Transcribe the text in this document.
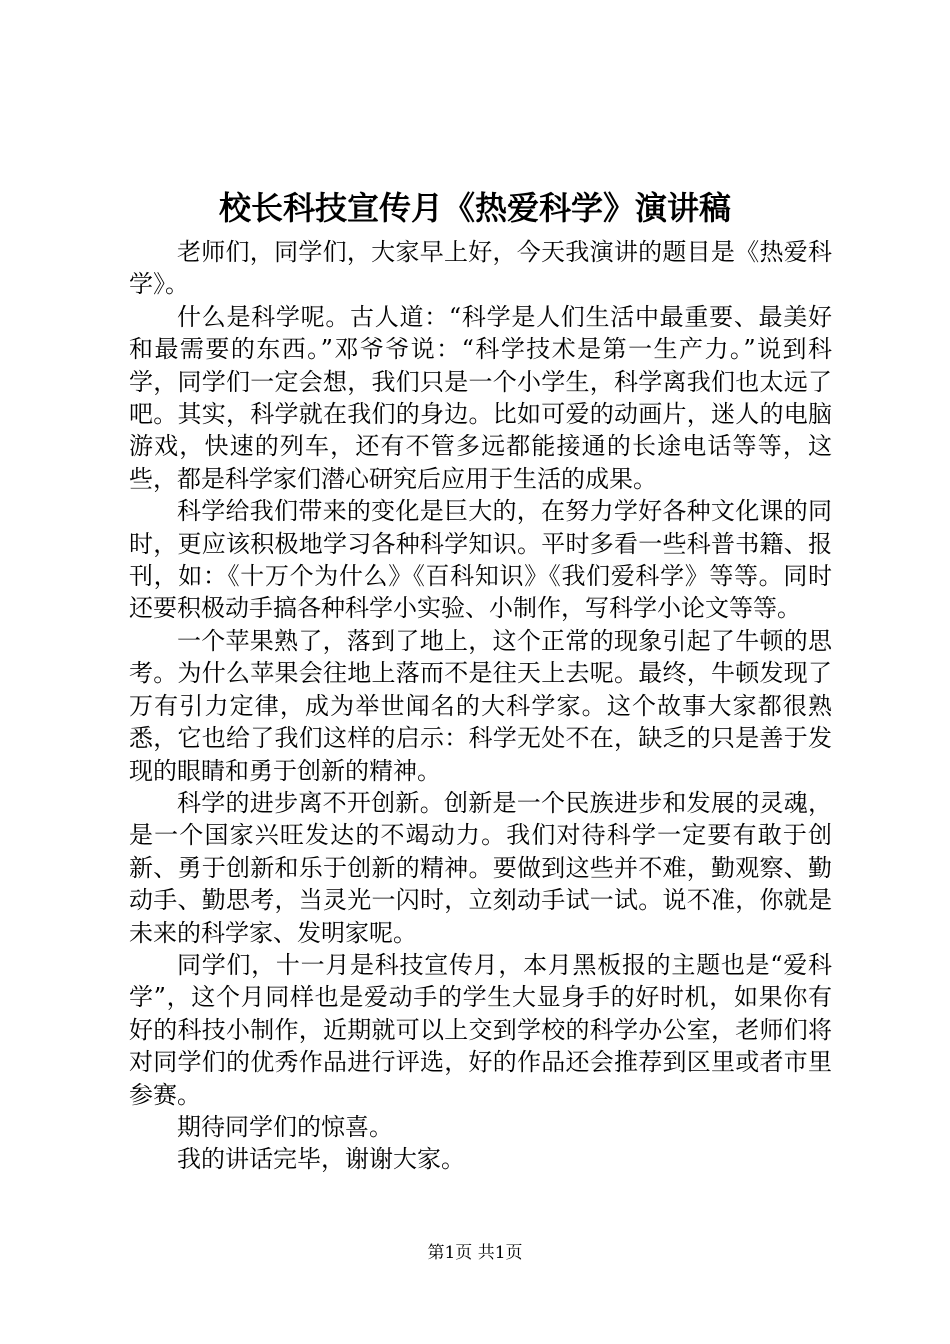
校长科技宣传月《热爱科学》演讲稿

老师们，同学们，大家早上好，今天我演讲的题目是《热爱科学》。

什么是科学呢。古人道：“科学是人们生活中最重要、最美好和最需要的东西。”邓爷爷说：“科学技术是第一生产力。”说到科学，同学们一定会想，我们只是一个小学生，科学离我们也太远了吧。其实，科学就在我们的身边。比如可爱的动画片，迷人的电脑游戏，快速的列车，还有不管多远都能接通的长途电话等等，这些，都是科学家们潜心研究后应用于生活的成果。

科学给我们带来的变化是巨大的，在努力学好各种文化课的同时，更应该积极地学习各种科学知识。平时多看一些科普书籍、报刊，如：《十万个为什么》《百科知识》《我们爱科学》等等。同时还要积极动手搞各种科学小实验、小制作，写科学小论文等等。

一个苹果熟了，落到了地上，这个正常的现象引起了牛顿的思考。为什么苹果会往地上落而不是往天上去呢。最终，牛顿发现了万有引力定律，成为举世闻名的大科学家。这个故事大家都很熟悉，它也给了我们这样的启示：科学无处不在，缺乏的只是善于发现的眼睛和勇于创新的精神。

科学的进步离不开创新。创新是一个民族进步和发展的灵魂，是一个国家兴旺发达的不竭动力。我们对待科学一定要有敢于创新、勇于创新和乐于创新的精神。要做到这些并不难，勤观察、勤动手、勤思考，当灵光一闪时，立刻动手试一试。说不准，你就是未来的科学家、发明家呢。

同学们，十一月是科技宣传月，本月黑板报的主题也是“爱科学”，这个月同样也是爱动手的学生大显身手的好时机，如果你有好的科技小制作，近期就可以上交到学校的科学办公室，老师们将对同学们的优秀作品进行评选，好的作品还会推荐到区里或者市里参赛。

期待同学们的惊喜。

我的讲话完毕，谢谢大家。

第1页 共1页
